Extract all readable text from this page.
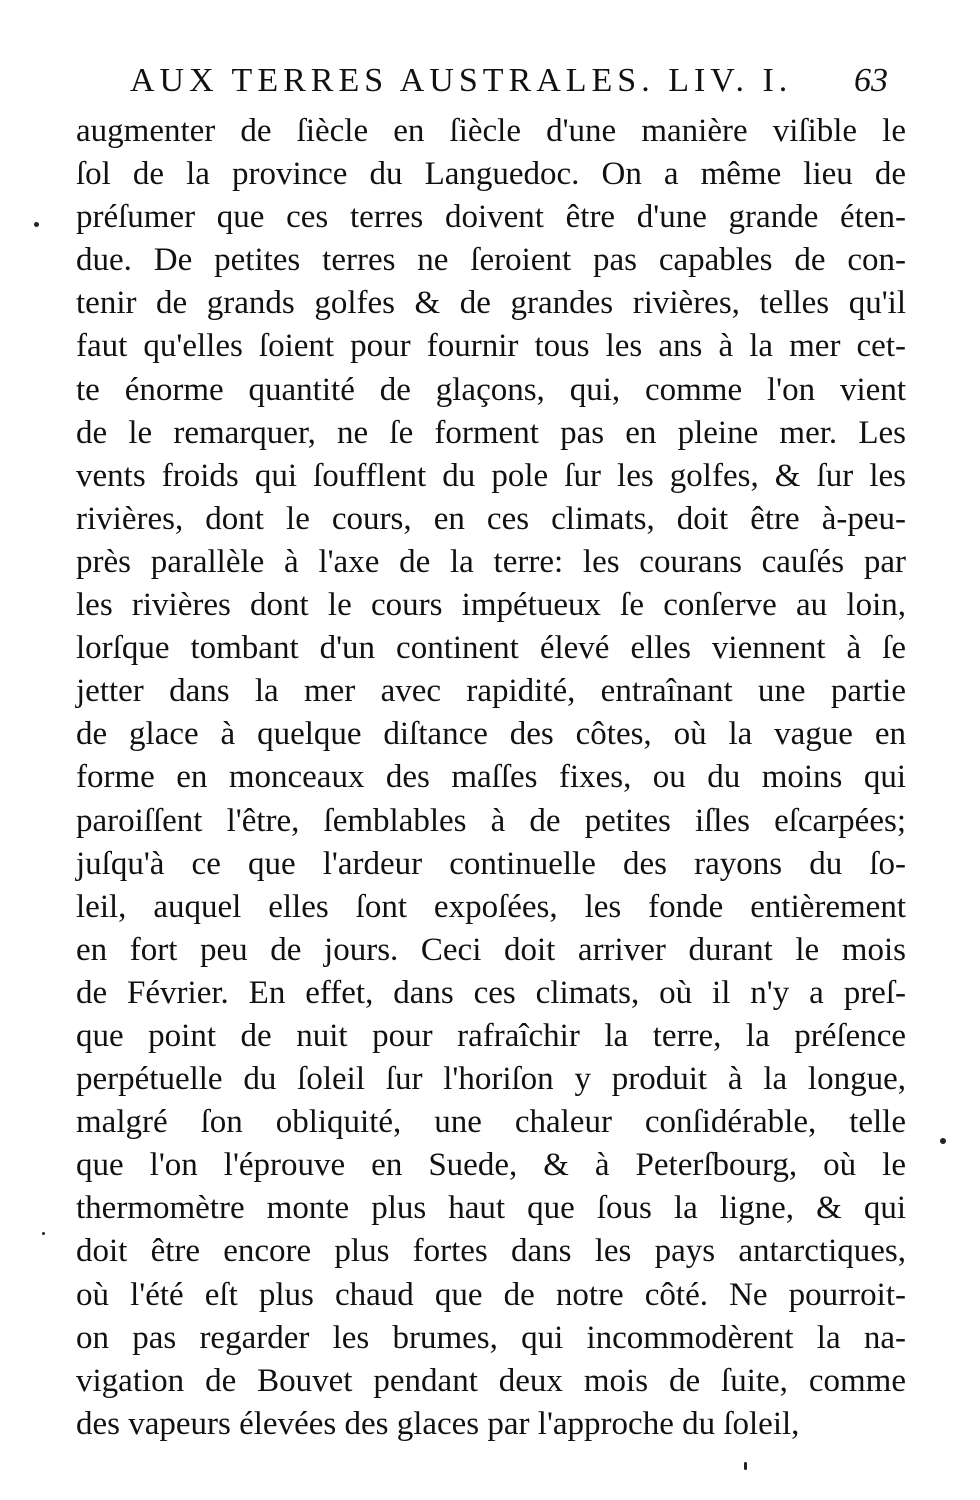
AUX TERRES AUSTRALES. LIV. I. 63
augmenter de ſiècle en ſiècle d'une manière viſible le
ſol de la province du Languedoc. On a même lieu de
préſumer que ces terres doivent être d'une grande éten-
due. De petites terres ne ſeroient pas capables de con-
tenir de grands golfes & de grandes rivières, telles qu'il
faut qu'elles ſoient pour fournir tous les ans à la mer cet-
te énorme quantité de glaçons, qui, comme l'on vient
de le remarquer, ne ſe forment pas en pleine mer. Les
vents froids qui ſoufflent du pole ſur les golfes, & ſur les
rivières, dont le cours, en ces climats, doit être à-peu-
près parallèle à l'axe de la terre: les courans cauſés par
les rivières dont le cours impétueux ſe conſerve au loin,
lorſque tombant d'un continent élevé elles viennent à ſe
jetter dans la mer avec rapidité, entraînant une partie
de glace à quelque diſtance des côtes, où la vague en
forme en monceaux des maſſes fixes, ou du moins qui
paroiſſent l'être, ſemblables à de petites iſles eſcarpées;
juſqu'à ce que l'ardeur continuelle des rayons du ſo-
leil, auquel elles ſont expoſées, les fonde entièrement
en fort peu de jours. Ceci doit arriver durant le mois
de Février. En effet, dans ces climats, où il n'y a preſ-
que point de nuit pour rafraîchir la terre, la préſence
perpétuelle du ſoleil ſur l'horiſon y produit à la longue,
malgré ſon obliquité, une chaleur conſidérable, telle
que l'on l'éprouve en Suede, & à Peterſbourg, où le
thermomètre monte plus haut que ſous la ligne, & qui
doit être encore plus fortes dans les pays antarctiques,
où l'été eſt plus chaud que de notre côté. Ne pourroit-
on pas regarder les brumes, qui incommodèrent la na-
vigation de Bouvet pendant deux mois de ſuite, comme
des vapeurs élevées des glaces par l'approche du ſoleil,
